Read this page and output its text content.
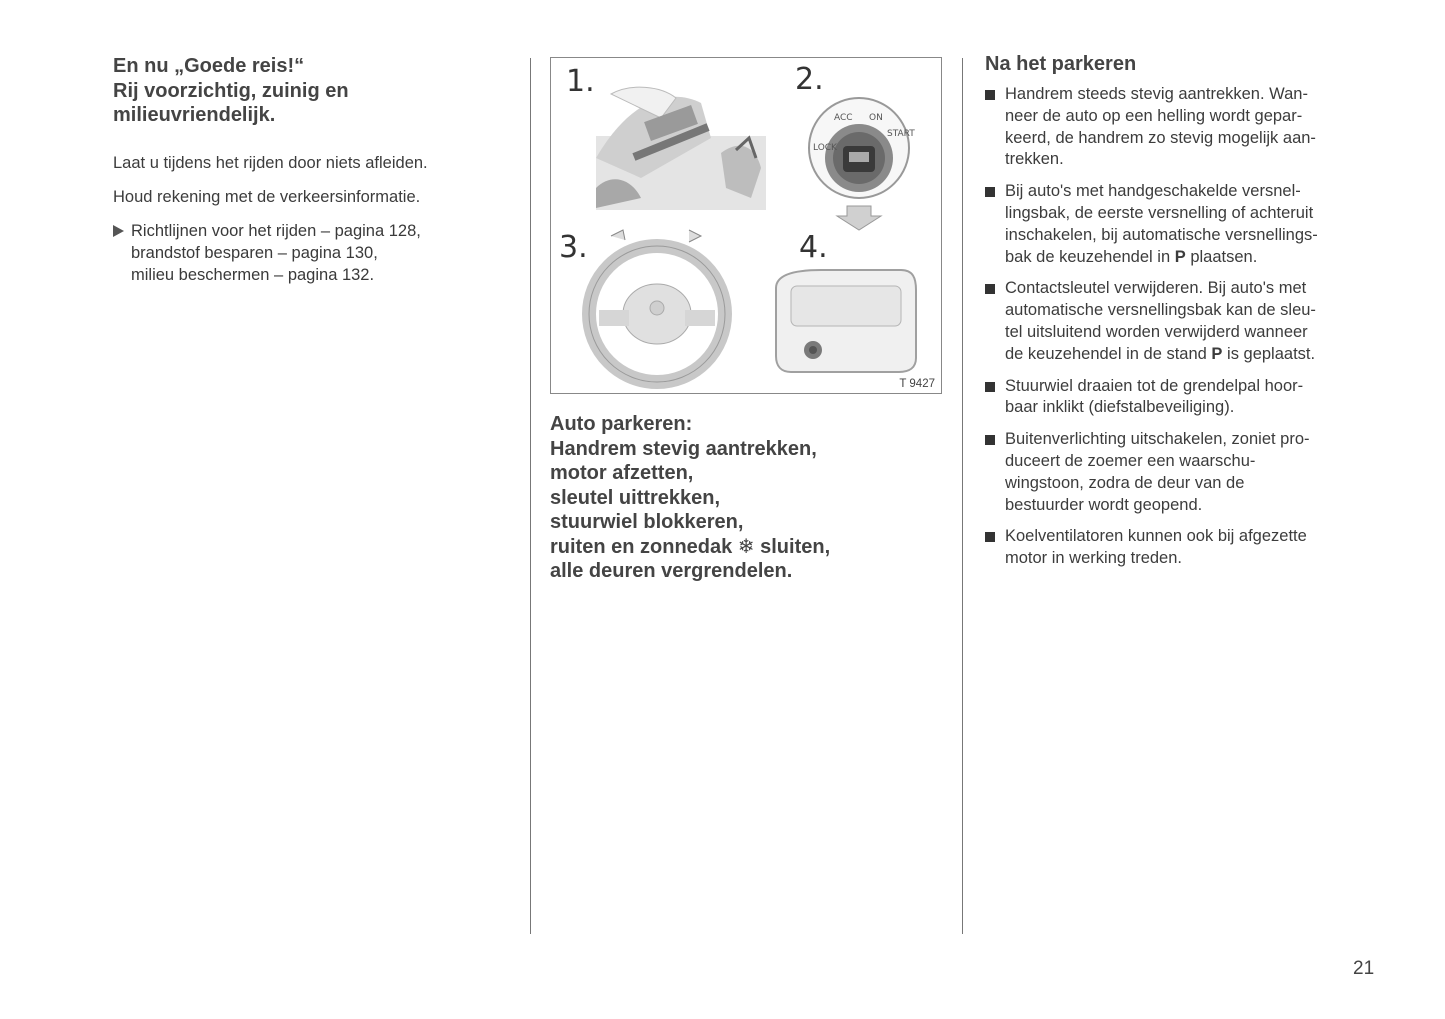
En nu „Goede reis!“
Rij voorzichtig, zuinig en
milieuvriendelijk.
Laat u tijdens het rijden door niets afleiden.
Houd rekening met de verkeersinformatie.
Richtlijnen voor het rijden – pagina 128,
brandstof besparen – pagina 130,
milieu beschermen – pagina 132.
ACC ON
START
LOCK
1.	2.
3.	4.
T 9427
Auto parkeren:
Handrem stevig aantrekken,
motor afzetten,
sleutel uittrekken,
stuurwiel blokkeren,
ruiten en zonnedak ❄ sluiten,
alle deuren vergrendelen.
Na het parkeren
Handrem steeds stevig aantrekken. Wan-
neer de auto op een helling wordt gepar-
keerd, de handrem zo stevig mogelijk aan-
trekken.
Bij auto's met handgeschakelde versnel-
lingsbak, de eerste versnelling of achteruit
inschakelen, bij automatische versnellings-
bak de keuzehendel in P plaatsen.
Contactsleutel verwijderen. Bij auto's met
automatische versnellingsbak kan de sleu-
tel uitsluitend worden verwijderd wanneer
de keuzehendel in de stand P is geplaatst.
Stuurwiel draaien tot de grendelpal hoor-
baar inklikt (diefstalbeveiliging).
Buitenverlichting uitschakelen, zoniet pro-
duceert de zoemer een waarschu-
wingstoon, zodra de deur van de
bestuurder wordt geopend.
Koelventilatoren kunnen ook bij afgezette
motor in werking treden.
21
